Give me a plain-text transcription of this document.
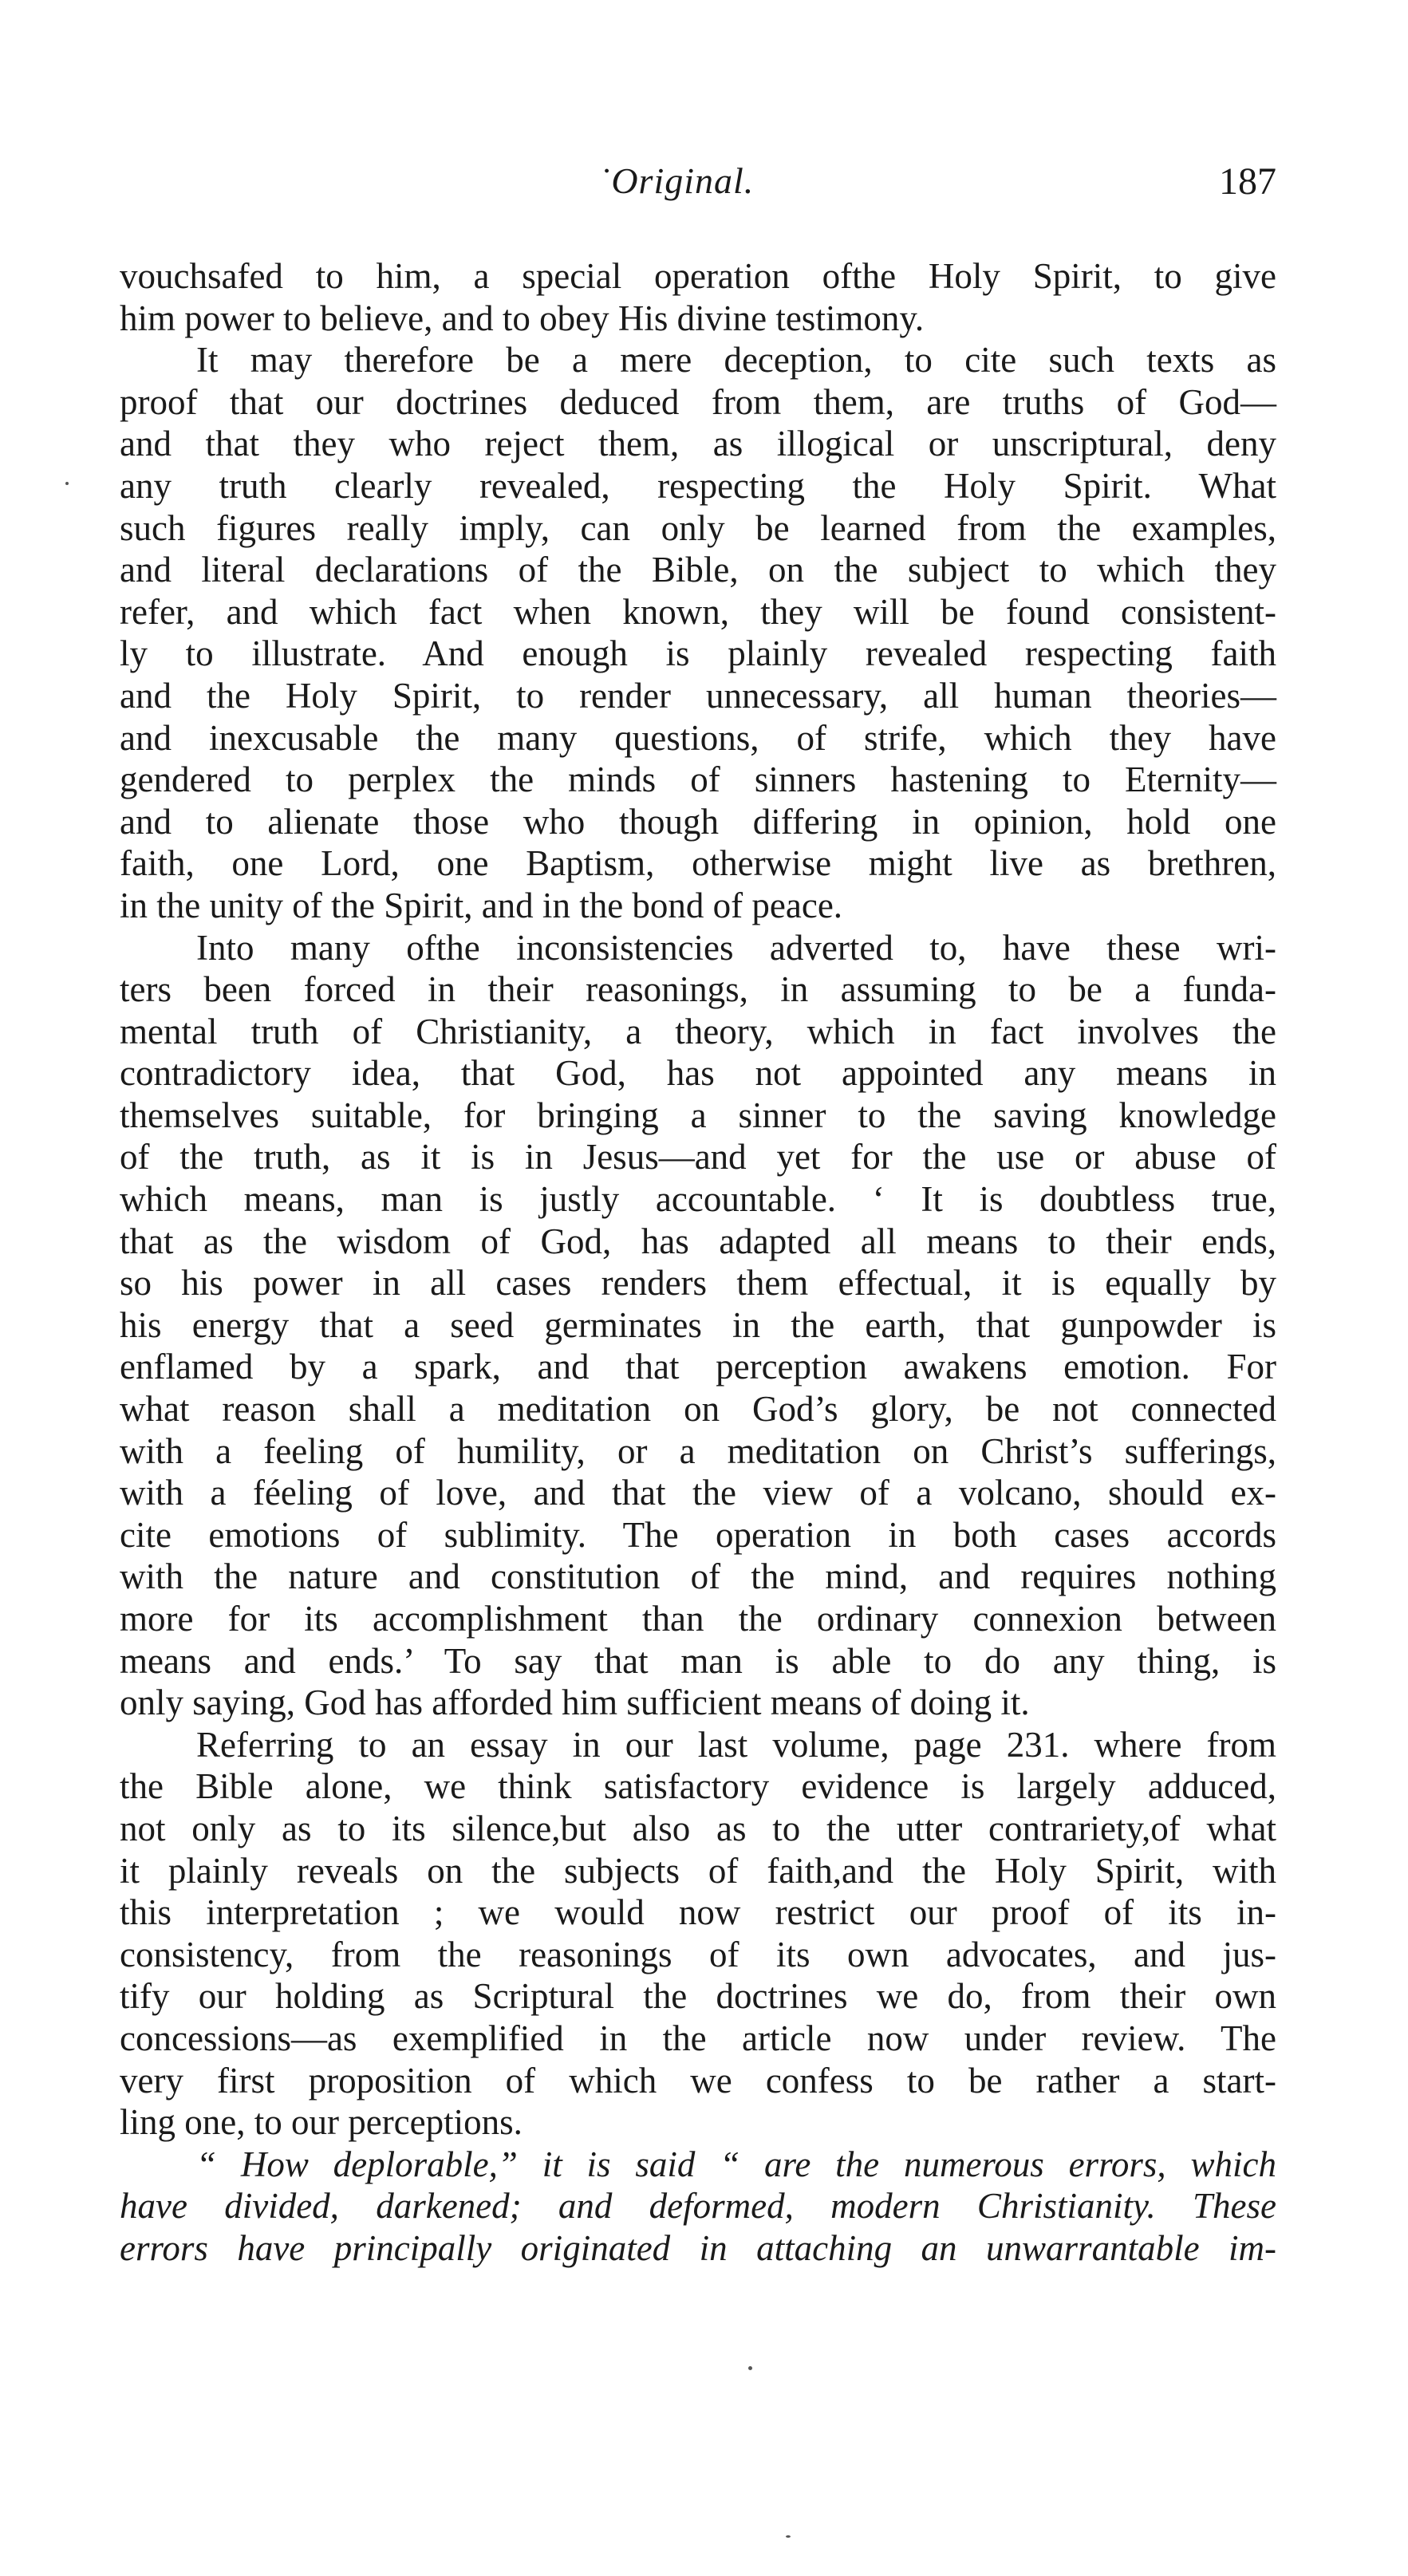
˙Original.	187
vouchsafed to him, a special operation ofthe Holy Spirit, to give
him power to believe, and to obey His divine testimony.
It may therefore be a mere deception, to cite such texts as
proof that our doctrines deduced from them, are truths of God—
and that they who reject them, as illogical or unscriptural, deny
any truth clearly revealed, respecting the Holy Spirit. What
such figures really imply, can only be learned from the examples,
and literal declarations of the Bible, on the subject to which they
refer, and which fact when known, they will be found consistent-
ly to illustrate. And enough is plainly revealed respecting faith
and the Holy Spirit, to render unnecessary, all human theories—
and inexcusable the many questions, of strife, which they have
gendered to perplex the minds of sinners hastening to Eternity—
and to alienate those who though differing in opinion, hold one
faith, one Lord, one Baptism, otherwise might live as brethren,
in the unity of the Spirit, and in the bond of peace.
Into many ofthe inconsistencies adverted to, have these wri-
ters been forced in their reasonings, in assuming to be a funda-
mental truth of Christianity, a theory, which in fact involves the
contradictory idea, that God, has not appointed any means in
themselves suitable, for bringing a sinner to the saving knowledge
of the truth, as it is in Jesus—and yet for the use or abuse of
which means, man is justly accountable. ‘ It is doubtless true,
that as the wisdom of God, has adapted all means to their ends,
so his power in all cases renders them effectual, it is equally by
his energy that a seed germinates in the earth, that gunpowder is
enflamed by a spark, and that perception awakens emotion. For
what reason shall a meditation on God’s glory, be not connected
with a feeling of humility, or a meditation on Christ’s sufferings,
with a féeling of love, and that the view of a volcano, should ex-
cite emotions of sublimity. The operation in both cases accords
with the nature and constitution of the mind, and requires nothing
more for its accomplishment than the ordinary connexion between
means and ends.’ To say that man is able to do any thing, is
only saying, God has afforded him sufficient means of doing it.
Referring to an essay in our last volume, page 231. where from
the Bible alone, we think satisfactory evidence is largely adduced,
not only as to its silence,but also as to the utter contrariety,of what
it plainly reveals on the subjects of faith,and the Holy Spirit, with
this interpretation ; we would now restrict our proof of its in-
consistency, from the reasonings of its own advocates, and jus-
tify our holding as Scriptural the doctrines we do, from their own
concessions—as exemplified in the article now under review. The
very first proposition of which we confess to be rather a start-
ling one, to our perceptions.
“ How deplorable,” it is said “ are the numerous errors, which
have divided, darkened; and deformed, modern Christianity. These
errors have principally originated in attaching an unwarrantable im-
